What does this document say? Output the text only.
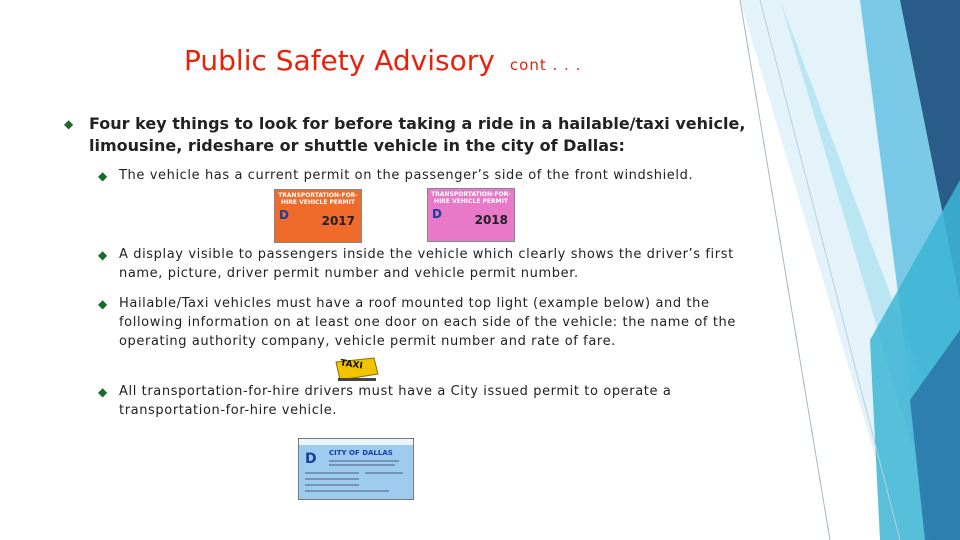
Public Safety Advisory cont . . .
◆ Four key things to look for before taking a ride in a hailable/taxi vehicle, limousine, rideshare or shuttle vehicle in the city of Dallas:
◆ The vehicle has a current permit on the passenger’s side of the front windshield.
TRANSPORTATION-FOR-HIRE VEHICLE PERMIT
D	2017
TRANSPORTATION-FOR-HIRE VEHICLE PERMIT
D	2018
◆ A display visible to passengers inside the vehicle which clearly shows the driver’s first name, picture, driver permit number and vehicle permit number.
◆ Hailable/Taxi vehicles must have a roof mounted top light (example below) and the following information on at least one door on each side of the vehicle: the name of the operating authority company, vehicle permit number and rate of fare.
TAXI
◆ All transportation-for-hire drivers must have a City issued permit to operate a transportation-for-hire vehicle.
D CITY OF DALLAS
